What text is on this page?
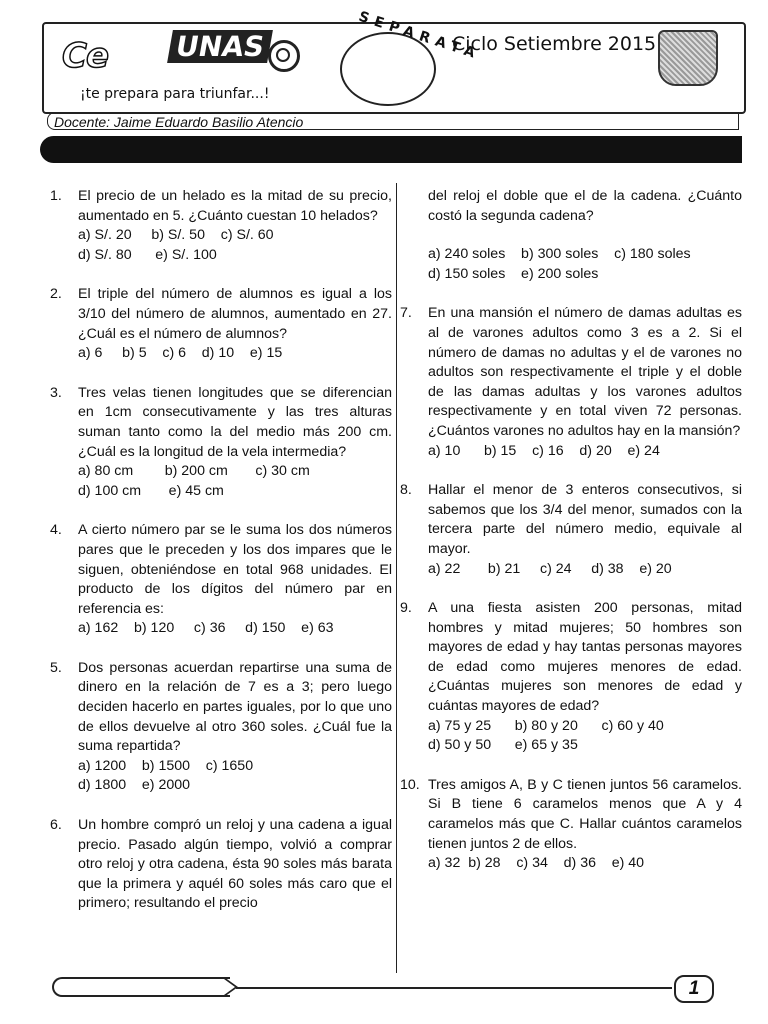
Ce UNAS
¡te prepara para triunfar...!
SEPARATA
Ciclo Setiembre 2015
Docente: Jaime Eduardo Basilio Atencio
1.	El precio de un helado es la mitad de su precio, aumentado en 5. ¿Cuánto cuestan 10 helados?
a) S/. 20     b) S/. 50    c) S/. 60
d) S/. 80      e) S/. 100
2.	El triple del número de alumnos es igual a los 3/10 del número de alumnos, aumentado en 27. ¿Cuál es el número de alumnos?
a) 6     b) 5    c) 6    d) 10    e) 15
3.	Tres velas tienen longitudes que se diferencian en 1cm consecutivamente y las tres alturas suman tanto como la del medio más 200 cm. ¿Cuál es la longitud de la vela intermedia?
a) 80 cm        b) 200 cm       c) 30 cm
d) 100 cm       e) 45 cm
4.	A cierto número par se le suma los dos números pares que le preceden y los dos impares que le siguen, obteniéndose en total 968 unidades. El producto de los dígitos del número par en referencia es:
a) 162    b) 120     c) 36     d) 150    e) 63
5.	Dos personas acuerdan repartirse una suma de dinero en la relación de 7 es a 3; pero luego deciden hacerlo en partes iguales, por lo que uno de ellos devuelve al otro 360 soles. ¿Cuál fue la suma repartida?
a) 1200    b) 1500    c) 1650
d) 1800    e) 2000
6.	Un hombre compró un reloj y una cadena a igual precio. Pasado algún tiempo, volvió a comprar otro reloj y otra cadena, ésta 90 soles más barata que la primera y aquél 60 soles más caro que el primero; resultando el precio
del reloj el doble que el de la cadena. ¿Cuánto costó la segunda cadena?
a) 240 soles    b) 300 soles    c) 180 soles
d) 150 soles    e) 200 soles
7.	En una mansión el número de damas adultas es al de varones adultos como 3 es a 2. Si el número de damas no adultas y el de varones no adultos son respectivamente el triple y el doble de las damas adultas y los varones adultos respectivamente y en total viven 72 personas. ¿Cuántos varones no adultos hay en la mansión?
a) 10      b) 15    c) 16    d) 20    e) 24
8.	Hallar el menor de 3 enteros consecutivos, si sabemos que los 3/4 del menor, sumados con la tercera parte del número medio, equivale al mayor.
a) 22       b) 21     c) 24     d) 38    e) 20
9.	A una fiesta asisten 200 personas, mitad hombres y mitad mujeres; 50 hombres son mayores de edad y hay tantas personas mayores de edad como mujeres menores de edad. ¿Cuántas mujeres son menores de edad y cuántas mayores de edad?
a) 75 y 25      b) 80 y 20      c) 60 y 40
d) 50 y 50      e) 65 y 35
10. Tres amigos A, B y C tienen juntos 56 caramelos. Si B tiene 6 caramelos menos que A y 4 caramelos más que C. Hallar cuántos caramelos tienen juntos 2 de ellos.
a) 32  b) 28    c) 34    d) 36    e) 40
1
